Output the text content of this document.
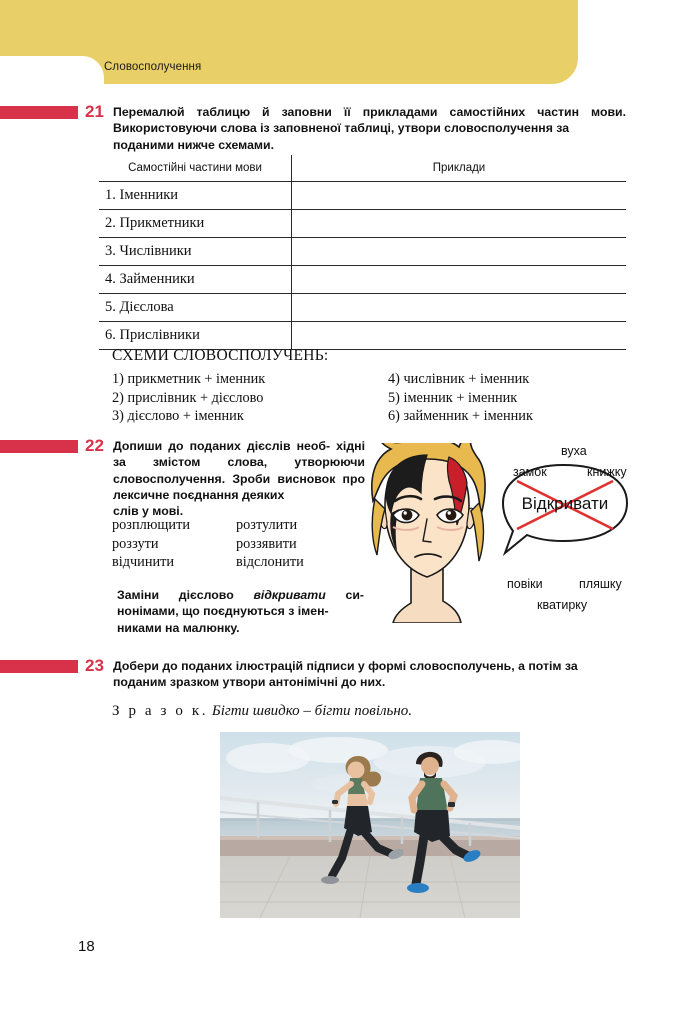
Словосполучення
21 Перемалюй таблицю й заповни її прикладами самостійних частин мови. Використовуючи слова із заповненої таблиці, утвори словосполучення за
поданими нижче схемами.
Самостійні частини мови	Приклади
1. Іменники	
2. Прикметники	
3. Числівники	
4. Займенники	
5. Дієслова	
6. Прислівники	
СХЕМИ СЛОВОСПОЛУЧЕНЬ:
1) прикметник + іменник
2) прислівник + дієслово
3) дієслово + іменник
4) числівник + іменник
5) іменник + іменник
6) займенник + іменник
22 Допиши до поданих дієслів необ- хідні за змістом слова, утворюючи словосполучення. Зроби висновок про лексичне поєднання деяких
слів у мові.
розплющити	розтулити
роззути	роззявити
відчинити	відслонити
Заміни дієслово відкривати си- нонімами, що поєднуються з імен-
никами на малюнку.
Відкривати
вуха
замок	книжку
повіки	пляшку
кватирку
23 Добери до поданих ілюстрацій підписи у формі словосполучень, а потім за
поданим зразком утвори антонімічні до них.
З р а з о к. Бігти швидко – бігти повільно.
18
